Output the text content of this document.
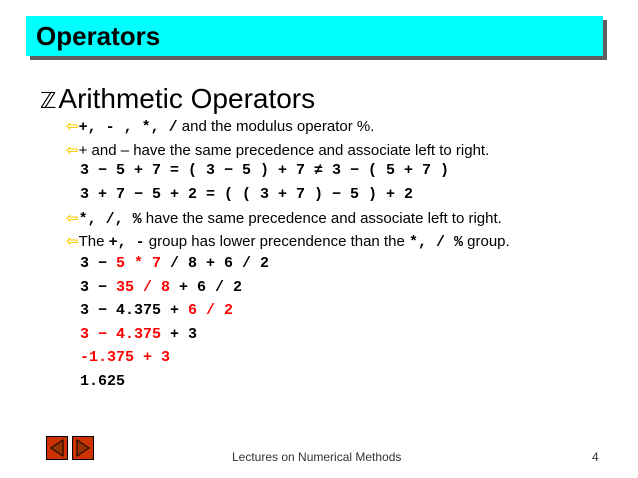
Operators
ℤArithmetic Operators
⇦+, - , *, / and the modulus operator %.
⇦+ and – have the same precedence and associate left to right.
3 − 5 + 7 = ( 3 − 5 ) + 7 ≠ 3 − ( 5 + 7 )
3 + 7 − 5 + 2 = ( ( 3 + 7 ) − 5 ) + 2
⇦*, /, % have the same precedence and associate left to right.
⇦The +, - group has lower precendence than the *, / % group.
3 − 5 * 7 / 8 + 6 / 2
3 − 35 / 8 + 6 / 2
3 − 4.375 + 6 / 2
3 − 4.375 + 3
-1.375 + 3
1.625
Lectures on Numerical Methods	4
